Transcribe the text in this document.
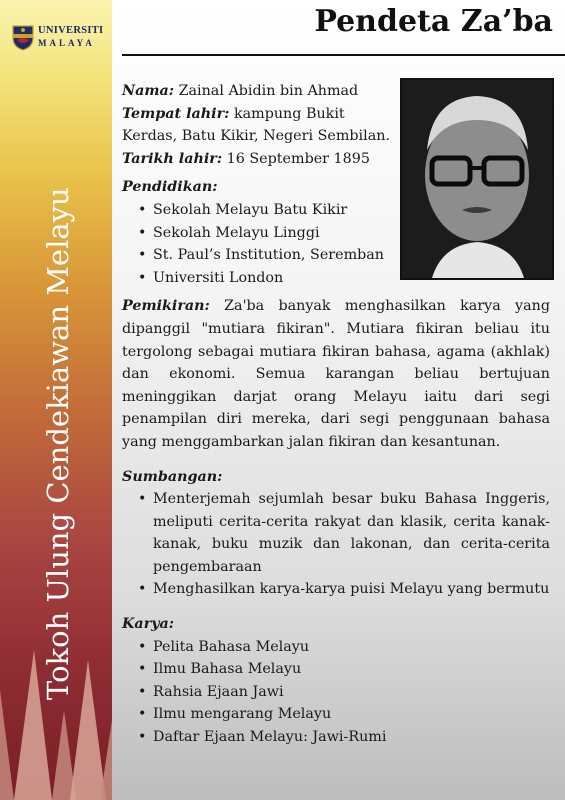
UNIVERSITI
MALAYA
Tokoh Ulung Cendekiawan Melayu
Pendeta Za’ba

Nama: Zainal Abidin bin Ahmad

Tempat lahir: kampung Bukit Kerdas, Batu Kikir, Negeri Sembilan.

Tarikh lahir: 16 September 1895

Pendidikan:
• Sekolah Melayu Batu Kikir
• Sekolah Melayu Linggi
• St. Paul’s Institution, Seremban
• Universiti London

Pemikiran: Za'ba banyak menghasilkan karya yang dipanggil "mutiara fikiran". Mutiara fikiran beliau itu tergolong sebagai mutiara fikiran bahasa, agama (akhlak) dan ekonomi. Semua karangan beliau bertujuan meninggikan darjat orang Melayu iaitu dari segi penampilan diri mereka, dari segi penggunaan bahasa yang menggambarkan jalan fikiran dan kesantunan.

Sumbangan:
• Menterjemah sejumlah besar buku Bahasa Inggeris, meliputi cerita-cerita rakyat dan klasik, cerita kanak-kanak, buku muzik dan lakonan, dan cerita-cerita pengembaraan
• Menghasilkan karya-karya puisi Melayu yang bermutu
Karya:
• Pelita Bahasa Melayu
• Ilmu Bahasa Melayu
• Rahsia Ejaan Jawi
• Ilmu mengarang Melayu
• Daftar Ejaan Melayu: Jawi-Rumi
